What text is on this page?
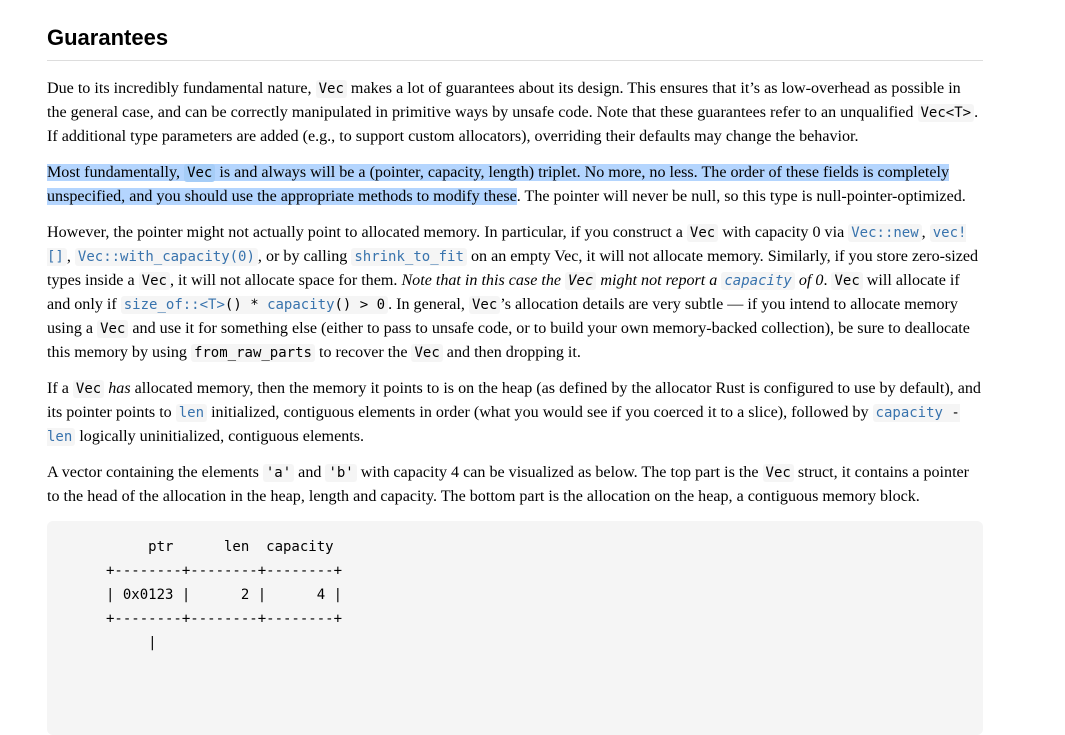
Guarantees

Due to its incredibly fundamental nature, Vec makes a lot of guarantees about its design. This ensures that it’s as low-overhead as possible in the general case, and can be correctly manipulated in primitive ways by unsafe code. Note that these guarantees refer to an unqualified Vec<T> . If additional type parameters are added (e.g., to support custom allocators), overriding their defaults may change the behavior.

Most fundamentally, Vec is and always will be a (pointer, capacity, length) triplet. No more, no less. The order of these fields is completely unspecified, and you should use the appropriate methods to modify these. The pointer will never be null, so this type is null-pointer-optimized.

However, the pointer might not actually point to allocated memory. In particular, if you construct a Vec with capacity 0 via Vec::new , vec![] , Vec::with_capacity(0) , or by calling shrink_to_fit on an empty Vec, it will not allocate memory. Similarly, if you store zero-sized types inside a Vec , it will not allocate space for them. Note that in this case the Vec might not report a capacity of 0. Vec will allocate if and only if size_of::<T>() * capacity() > 0 . In general, Vec ’s allocation details are very subtle — if you intend to allocate memory using a Vec and use it for something else (either to pass to unsafe code, or to build your own memory-backed collection), be sure to deallocate this memory by using from_raw_parts to recover the Vec and then dropping it.

If a Vec has allocated memory, then the memory it points to is on the heap (as defined by the allocator Rust is configured to use by default), and its pointer points to len initialized, contiguous elements in order (what you would see if you coerced it to a slice), followed by capacity - len logically uninitialized, contiguous elements.

A vector containing the elements 'a' and 'b' with capacity 4 can be visualized as below. The top part is the Vec struct, it contains a pointer to the head of the allocation in the heap, length and capacity. The bottom part is the allocation on the heap, a contiguous memory block.

ptr      len  capacity
+--------+--------+--------+
| 0x0123 |      2 |      4 |
+--------+--------+--------+
|
